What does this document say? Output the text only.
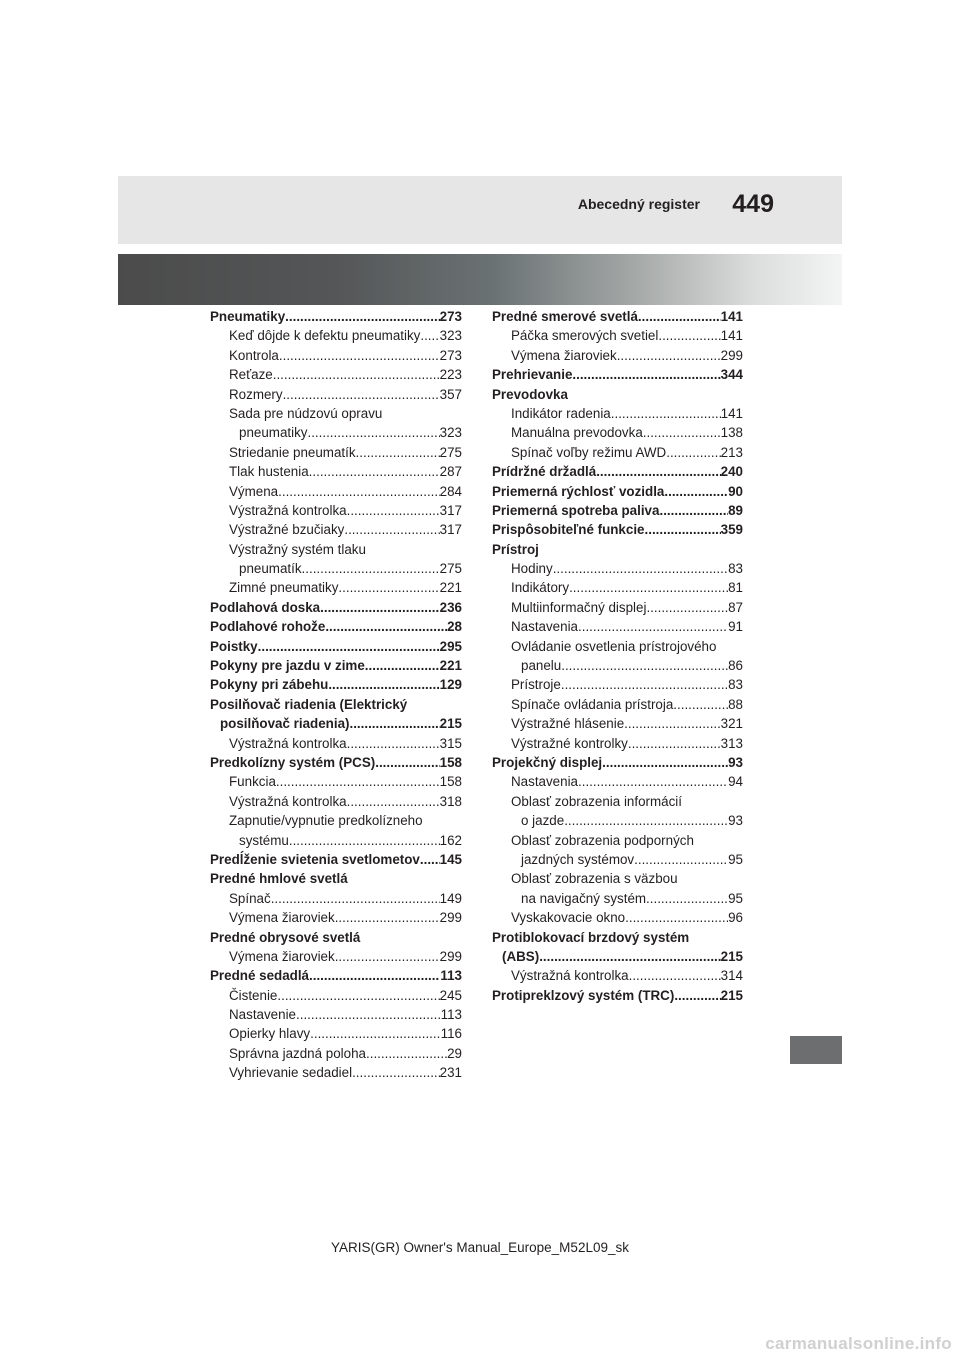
Abecedný register 449
Pneumatiky .....	273
Keď dôjde k defektu pneumatiky ..... 323
Kontrola .....	273
Reťaze .....	223
Rozmery .....	357
Sada pre núdzovú opravu
pneumatiky .....	323
Striedanie pneumatík .....	275
Tlak hustenia .....	287
Výmena .....	284
Výstražná kontrolka .....	317
Výstražné bzučiaky .....	317
Výstražný systém tlaku
pneumatík .....	275
Zimné pneumatiky .....	221
Podlahová doska .....	236
Podlahové rohože .....	28
Poistky .....	295
Pokyny pre jazdu v zime .....	221
Pokyny pri zábehu .....	129
Posilňovač riadenia (Elektrický
posilňovač riadenia) .....	215
Výstražná kontrolka .....	315
Predkolízny systém (PCS) .....	158
Funkcia .....	158
Výstražná kontrolka .....	318
Zapnutie/vypnutie predkolízneho
systému .....	162
Predĺženie svietenia svetlometov ..... 145
Predné hmlové svetlá
Spínač .....	149
Výmena žiaroviek .....	299
Predné obrysové svetlá
Výmena žiaroviek .....	299
Predné sedadlá .....	113
Čistenie .....	245
Nastavenie .....	113
Opierky hlavy .....	116
Správna jazdná poloha .....	29
Vyhrievanie sedadiel .....	231
Predné smerové svetlá .....	141
Páčka smerových svetiel .....	141
Výmena žiaroviek .....	299
Prehrievanie .....	344
Prevodovka
Indikátor radenia .....	141
Manuálna prevodovka .....	138
Spínač voľby režimu AWD .....	213
Prídržné držadlá .....	240
Priemerná rýchlosť vozidla .....	90
Priemerná spotreba paliva .....	89
Prispôsobiteľné funkcie .....	359
Prístroj
Hodiny .....	83
Indikátory .....	81
Multiinformačný displej .....	87
Nastavenia .....	91
Ovládanie osvetlenia prístrojového
panelu .....	86
Prístroje .....	83
Spínače ovládania prístroja .....	88
Výstražné hlásenie .....	321
Výstražné kontrolky .....	313
Projekčný displej .....	93
Nastavenia .....	94
Oblasť zobrazenia informácií
o jazde .....	93
Oblasť zobrazenia podporných
jazdných systémov .....	95
Oblasť zobrazenia s väzbou
na navigačný systém .....	95
Vyskakovacie okno .....	96
Protiblokovací brzdový systém
(ABS) .....	215
Výstražná kontrolka .....	314
Protipreklzový systém (TRC) .....	215
YARIS(GR) Owner's Manual_Europe_M52L09_sk
carmanualsonline.info
